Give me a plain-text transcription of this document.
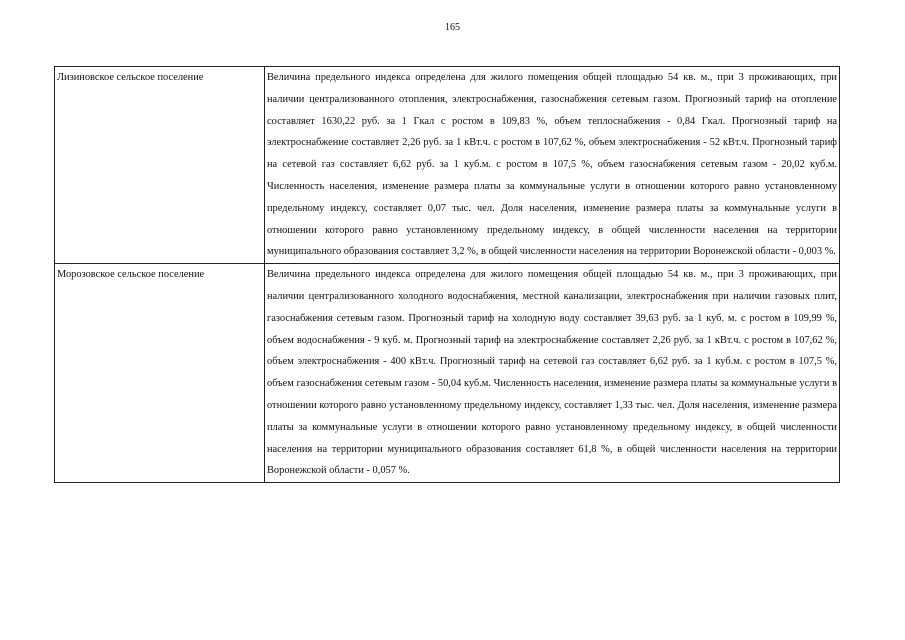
165
Лизиновское сельское поселение	Величина предельного индекса определена для жилого помещения общей площадью 54 кв. м., при 3 проживающих, при наличии централизованного отопления, электроснабжения, газоснабжения сетевым газом. Прогнозный тариф на отопление составляет 1630,22 руб. за 1 Гкал с ростом в 109,83 %, объем теплоснабжения - 0,84 Гкал. Прогнозный тариф на электроснабжение составляет 2,26 руб. за 1 кВт.ч. с ростом в 107,62 %, объем электроснабжения - 52 кВт.ч. Прогнозный тариф на сетевой газ составляет 6,62 руб. за 1 куб.м. с ростом в 107,5 %, объем газоснабжения сетевым газом - 20,02 куб.м. Численность населения, изменение размера платы за коммунальные услуги в отношении которого равно установленному предельному индексу, составляет 0,07 тыс. чел. Доля населения, изменение размера платы за коммунальные услуги в отношении которого равно установленному предельному индексу, в общей численности населения на территории муниципального образования составляет 3,2 %, в общей численности населения на территории Воронежской области - 0,003 %.
Морозовское сельское поселение	Величина предельного индекса определена для жилого помещения общей площадью 54 кв. м., при 3 проживающих, при наличии централизованного холодного водоснабжения, местной канализации, электроснабжения при наличии газовых плит, газоснабжения сетевым газом. Прогнозный тариф на холодную воду составляет 39,63 руб. за 1 куб. м. с ростом в 109,99 %, объем водоснабжения - 9 куб. м. Прогнозный тариф на электроснабжение составляет 2,26 руб. за 1 кВт.ч. с ростом в 107,62 %, объем электроснабжения - 400 кВт.ч. Прогнозный тариф на сетевой газ составляет 6,62 руб. за 1 куб.м. с ростом в 107,5 %, объем газоснабжения сетевым газом - 50,04 куб.м. Численность населения, изменение размера платы за коммунальные услуги в отношении которого равно установленному предельному индексу, составляет 1,33 тыс. чел. Доля населения, изменение размера платы за коммунальные услуги в отношении которого равно установленному предельному индексу, в общей численности населения на территории муниципального образования составляет 61,8 %, в общей численности населения на территории Воронежской области - 0,057 %.
